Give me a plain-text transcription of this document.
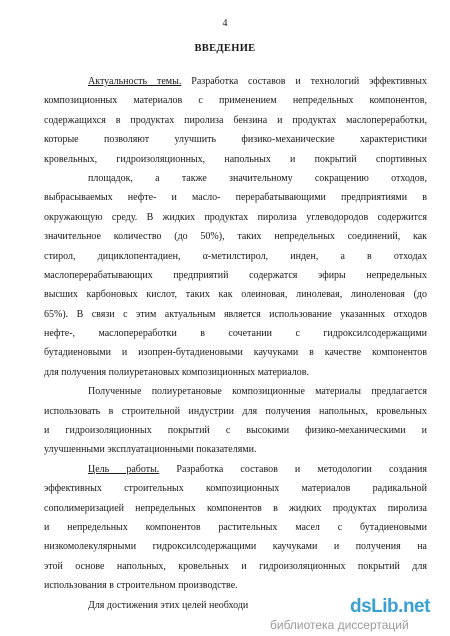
4
ВВЕДЕНИЕ
Актуальность темы. Разработка составов и технологий эффективных
композиционных материалов с применением непредельных компонентов,
содержащихся в продуктах пиролиза бензина и продуктах маслопереработки,
которые позволяют улучшить физико-механические характеристики
кровельных, гидроизоляционных, напольных и покрытий спортивных
площадок, а также значительному сокращению отходов,
выбрасываемых нефте- и масло- перерабатывающими предприятиями в
окружающую среду. В жидких продуктах пиролиза углеводородов содержится
значительное количество (до 50%), таких непредельных соединений, как
стирол, дициклопентадиен, α-метилстирол, инден, а в отходах
маслоперерабатывающих предприятий содержатся эфиры непредельных
высших карбоновых кислот, таких как олеиновая, линолевая, линоленовая (до
65%). В связи с этим актуальным является использование указанных отходов
нефте-, маслопереработки в сочетании с гидроксилсодержащими
бутадиеновыми и изопрен-бутадиеновыми каучуками в качестве компонентов
для получения полиуретановых композиционных материалов.
Полученные полиуретановые композиционные материалы предлагается
использовать в строительной индустрии для получения напольных, кровельных
и гидроизоляционных покрытий с высокими физико-механическими и
улучшенными эксплуатационными показателями.
Цель работы. Разработка составов и методологии создания
эффективных строительных композиционных материалов радикальной
сополимеризацией непредельных компонентов в жидких продуктах пиролиза
и непредельных компонентов растительных масел с бутадиеновыми
низкомолекулярными гидроксилсодержащими каучуками и получения на
этой основе напольных, кровельных и гидроизоляционных покрытий для
использования в строительном производстве.
Для достижения этих целей необходи	dsLib.net
библиотека диссертаций
